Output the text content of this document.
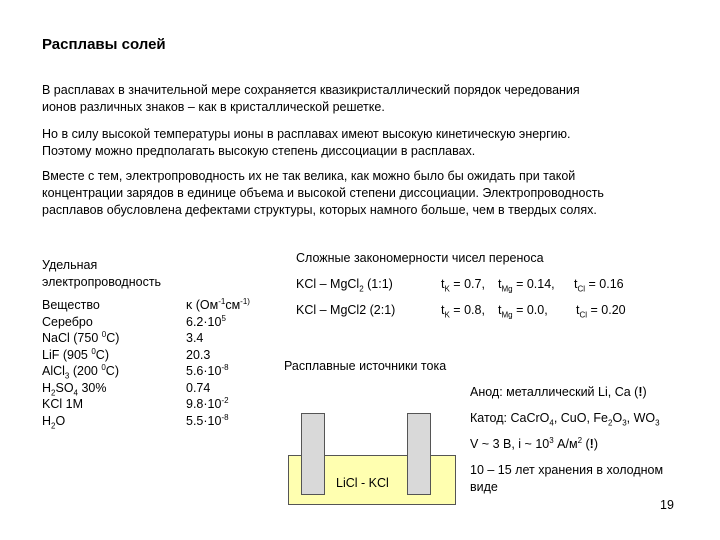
Расплавы солей
В расплавах в значительной мере сохраняется квазикристаллический порядок чередования
ионов различных знаков – как в кристаллической решетке.
Но в силу высокой температуры ионы в расплавах имеют высокую кинетическую энергию.
Поэтому можно предполагать высокую степень диссоциации в расплавах.
Вместе с тем, электропроводность их не так велика, как можно было бы ожидать при такой
концентрации зарядов в единице объема и высокой степени диссоциации. Электропроводность
расплавов обусловлена дефектами структуры, которых намного больше, чем в твердых солях.
Удельная
электропроводность
Вещество
Серебро
NaCl (750 $^0$C)
LiF (905 $^0$C)
AlCl$_3$ (200 $^0$C)
$H_2SO_4$ 30%
KCl 1M
$H_2O$
κ ($Ом^{-1}см^{-1)}$
$6.2\cdot 10^5$
3.4
20.3
$5.6\cdot 10^{-8}$
0.74
$9.8\cdot 10^{-2}$
$5.5\cdot 10^{-8}$
Сложные закономерности чисел переноса
KCl – MgCl$_2$ (1:1)	$t_K = 0.7$, $t_{Mg} = 0.14$, $t_{Cl} = 0.16$
KCl – MgCl2 (2:1)	$t_K = 0.8$, $t_{Mg} = 0.0$, $t_{Cl} = 0.20$
Расплавные источники тока
LiCl - KCl
Анод: металлический Li, Ca (!)
Катод: CaCrO$_4$, CuO, $Fe_2O_3$, $WO_3$
V ~ 3 В, i ~ $10^3$ $А/м^2$ (!)
10 – 15 лет хранения в холодном
виде
19
